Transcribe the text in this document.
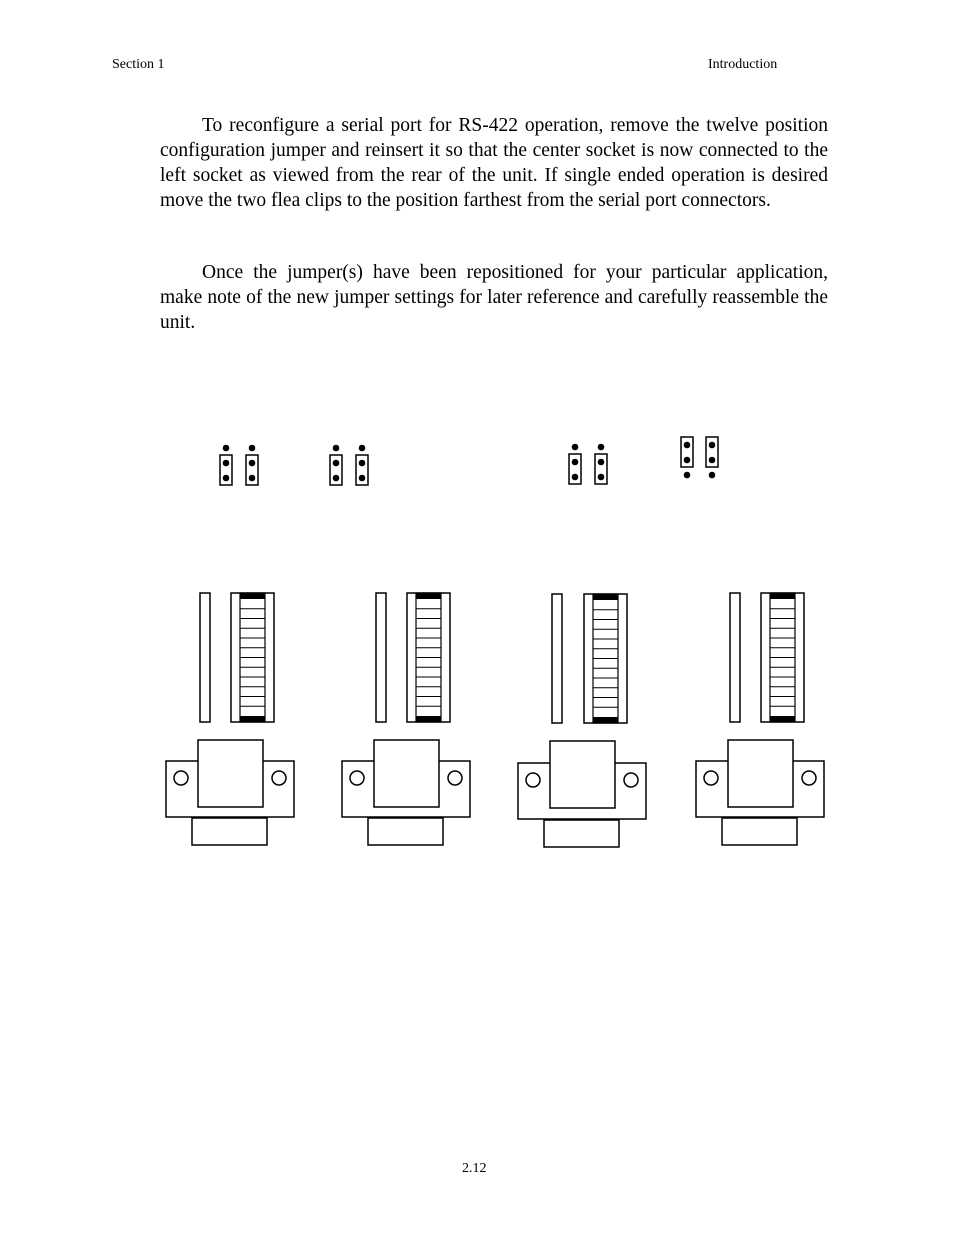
Section 1	Introduction

To reconfigure a serial port for RS-422 operation, remove the twelve position configuration jumper and reinsert it so that the center socket is now connected to the left socket as viewed from the rear of the unit. If single ended operation is desired move the two flea clips to the position farthest from the serial port connectors.

Once the jumper(s) have been repositioned for your particular application, make note of the new jumper settings for later reference and carefully reassemble the unit.

2.12
